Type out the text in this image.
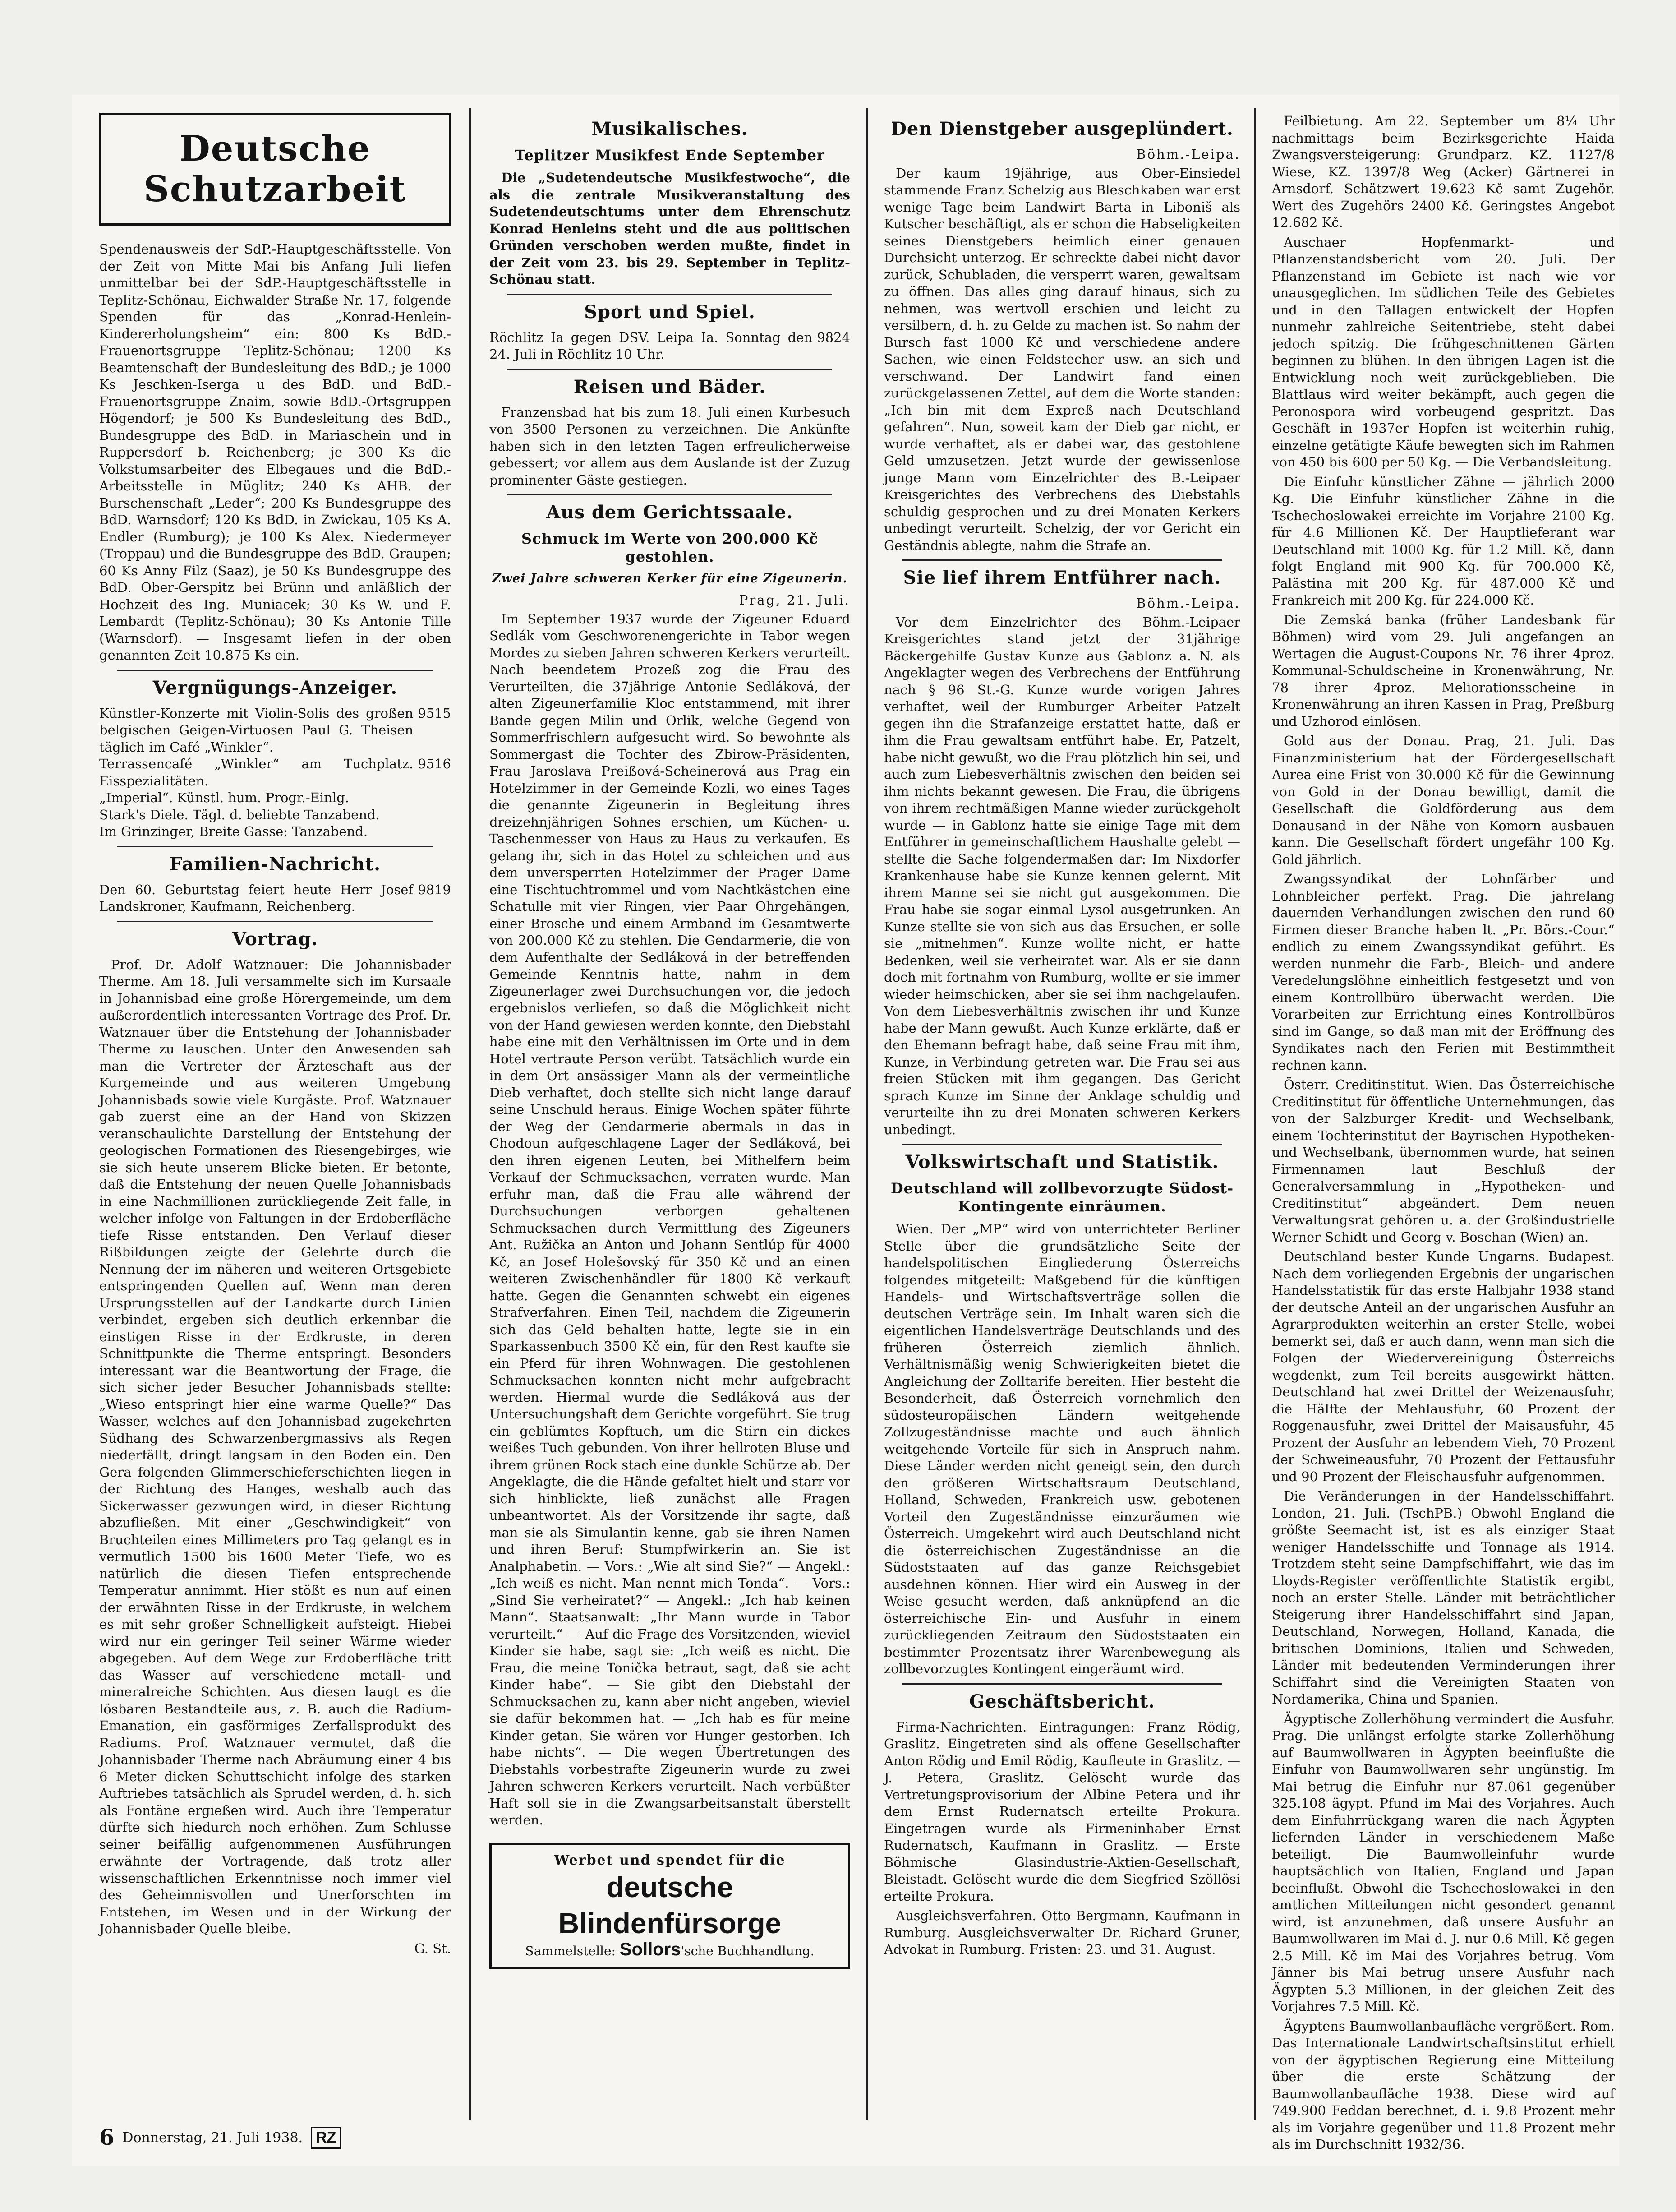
Deutsche Schutzarbeit

Spendenausweis der SdP.-Hauptgeschäftsstelle. Von der Zeit von Mitte Mai bis Anfang Juli liefen unmittelbar bei der SdP.-Hauptgeschäftsstelle in Teplitz-Schönau, Eichwalder Straße Nr. 17, folgende Spenden für das „Konrad-Henlein-Kindererholungsheim“ ein: 800 Ks BdD.-Frauenortsgruppe Teplitz-Schönau; 1200 Ks Beamtenschaft der Bundesleitung des BdD.; je 1000 Ks Jeschken-Iserga u des BdD. und BdD.-Frauenortsgruppe Znaim, sowie BdD.-Ortsgruppen Högendorf; je 500 Ks Bundesleitung des BdD., Bundesgruppe des BdD. in Mariaschein und in Ruppersdorf b. Reichenberg; je 300 Ks die Volkstumsarbeiter des Elbegaues und die BdD.-Arbeitsstelle in Müglitz; 240 Ks AHB. der Burschenschaft „Leder“; 200 Ks Bundesgruppe des BdD. Warnsdorf; 120 Ks BdD. in Zwickau, 105 Ks A. Endler (Rumburg); je 100 Ks Alex. Niedermeyer (Troppau) und die Bundesgruppe des BdD. Graupen; 60 Ks Anny Filz (Saaz), je 50 Ks Bundesgruppe des BdD. Ober-Gerspitz bei Brünn und anläßlich der Hochzeit des Ing. Muniacek; 30 Ks W. und F. Lembardt (Teplitz-Schönau); 30 Ks Antonie Tille (Warnsdorf). — Insgesamt liefen in der oben genannten Zeit 10.875 Ks ein.

Vergnügungs-Anzeiger.
Künstler-Konzerte mit Violin-Solis des großen belgischen Geigen-Virtuosen Paul G. Theisen täglich im Café „Winkler“.
9515
Terrassencafé „Winkler“ am Tuchplatz. Eisspezialitäten.
9516
„Imperial“. Künstl. hum. Progr.-Einlg.
Stark's Diele. Tägl. d. beliebte Tanzabend.
Im Grinzinger, Breite Gasse: Tanzabend.
Familien-Nachricht.
Den 60. Geburtstag feiert heute Herr Josef Landskroner, Kaufmann, Reichenberg.
9819
Vortrag.

Prof. Dr. Adolf Watznauer: Die Johannisbader Therme. Am 18. Juli versammelte sich im Kursaale in Johannisbad eine große Hörergemeinde, um dem außerordentlich interessanten Vortrage des Prof. Dr. Watznauer über die Entstehung der Johannisbader Therme zu lauschen. Unter den Anwesenden sah man die Vertreter der Ärzteschaft aus der Kurgemeinde und aus weiteren Umgebung Johannisbads sowie viele Kurgäste. Prof. Watznauer gab zuerst eine an der Hand von Skizzen veranschaulichte Darstellung der Entstehung der geologischen Formationen des Riesengebirges, wie sie sich heute unserem Blicke bieten. Er betonte, daß die Entstehung der neuen Quelle Johannisbads in eine Nachmillionen zurückliegende Zeit falle, in welcher infolge von Faltungen in der Erdoberfläche tiefe Risse entstanden. Den Verlauf dieser Rißbildungen zeigte der Gelehrte durch die Nennung der im näheren und weiteren Ortsgebiete entspringenden Quellen auf. Wenn man deren Ursprungsstellen auf der Landkarte durch Linien verbindet, ergeben sich deutlich erkennbar die einstigen Risse in der Erdkruste, in deren Schnittpunkte die Therme entspringt. Besonders interessant war die Beantwortung der Frage, die sich sicher jeder Besucher Johannisbads stellte: „Wieso entspringt hier eine warme Quelle?“ Das Wasser, welches auf den Johannisbad zugekehrten Südhang des Schwarzenbergmassivs als Regen niederfällt, dringt langsam in den Boden ein. Den Gera folgenden Glimmerschieferschichten liegen in der Richtung des Hanges, weshalb auch das Sickerwasser gezwungen wird, in dieser Richtung abzufließen. Mit einer „Geschwindigkeit“ von Bruchteilen eines Millimeters pro Tag gelangt es in vermutlich 1500 bis 1600 Meter Tiefe, wo es natürlich die diesen Tiefen entsprechende Temperatur annimmt. Hier stößt es nun auf einen der erwähnten Risse in der Erdkruste, in welchem es mit sehr großer Schnelligkeit aufsteigt. Hiebei wird nur ein geringer Teil seiner Wärme wieder abgegeben. Auf dem Wege zur Erdoberfläche tritt das Wasser auf verschiedene metall- und mineralreiche Schichten. Aus diesen laugt es die lösbaren Bestandteile aus, z. B. auch die Radium-Emanation, ein gasförmiges Zerfallsprodukt des Radiums. Prof. Watznauer vermutet, daß die Johannisbader Therme nach Abräumung einer 4 bis 6 Meter dicken Schuttschicht infolge des starken Auftriebes tatsächlich als Sprudel werden, d. h. sich als Fontäne ergießen wird. Auch ihre Temperatur dürfte sich hiedurch noch erhöhen. Zum Schlusse seiner beifällig aufgenommenen Ausführungen erwähnte der Vortragende, daß trotz aller wissenschaftlichen Erkenntnisse noch immer viel des Geheimnisvollen und Unerforschten im Entstehen, im Wesen und in der Wirkung der Johannisbader Quelle bleibe.

G. St.
Musikalisches.
Teplitzer Musikfest Ende September

Die „Sudetendeutsche Musikfestwoche“, die als die zentrale Musikveranstaltung des Sudetendeutschtums unter dem Ehrenschutz Konrad Henleins steht und die aus politischen Gründen verschoben werden mußte, findet in der Zeit vom 23. bis 29. September in Teplitz-Schönau statt.

Sport und Spiel.
Röchlitz Ia gegen DSV. Leipa Ia. Sonntag den 24. Juli in Röchlitz 10 Uhr.
9824
Reisen und Bäder.

Franzensbad hat bis zum 18. Juli einen Kurbesuch von 3500 Personen zu verzeichnen. Die Ankünfte haben sich in den letzten Tagen erfreulicherweise gebessert; vor allem aus dem Auslande ist der Zuzug prominenter Gäste gestiegen.

Aus dem Gerichtssaale.
Schmuck im Werte von 200.000 Kč gestohlen.
Zwei Jahre schweren Kerker für eine Zigeunerin.
Prag, 21. Juli.

Im September 1937 wurde der Zigeuner Eduard Sedlák vom Geschworenengerichte in Tabor wegen Mordes zu sieben Jahren schweren Kerkers verurteilt. Nach beendetem Prozeß zog die Frau des Verurteilten, die 37jährige Antonie Sedláková, der alten Zigeunerfamilie Kloc entstammend, mit ihrer Bande gegen Milin und Orlik, welche Gegend von Sommerfrischlern aufgesucht wird. So bewohnte als Sommergast die Tochter des Zbirow-Präsidenten, Frau Jaroslava Preißová-Scheinerová aus Prag ein Hotelzimmer in der Gemeinde Kozli, wo eines Tages die genannte Zigeunerin in Begleitung ihres dreizehnjährigen Sohnes erschien, um Küchen- u. Taschenmesser von Haus zu Haus zu verkaufen. Es gelang ihr, sich in das Hotel zu schleichen und aus dem unversperrten Hotelzimmer der Prager Dame eine Tischtuchtrommel und vom Nachtkästchen eine Schatulle mit vier Ringen, vier Paar Ohrgehängen, einer Brosche und einem Armband im Gesamtwerte von 200.000 Kč zu stehlen. Die Gendarmerie, die von dem Aufenthalte der Sedláková in der betreffenden Gemeinde Kenntnis hatte, nahm in dem Zigeunerlager zwei Durchsuchungen vor, die jedoch ergebnislos verliefen, so daß die Möglichkeit nicht von der Hand gewiesen werden konnte, den Diebstahl habe eine mit den Verhältnissen im Orte und in dem Hotel vertraute Person verübt. Tatsächlich wurde ein in dem Ort ansässiger Mann als der vermeintliche Dieb verhaftet, doch stellte sich nicht lange darauf seine Unschuld heraus. Einige Wochen später führte der Weg der Gendarmerie abermals in das in Chodoun aufgeschlagene Lager der Sedláková, bei den ihren eigenen Leuten, bei Mithelfern beim Verkauf der Schmucksachen, verraten wurde. Man erfuhr man, daß die Frau alle während der Durchsuchungen verborgen gehaltenen Schmucksachen durch Vermittlung des Zigeuners Ant. Ružička an Anton und Johann Sentlúp für 4000 Kč, an Josef Holešovský für 350 Kč und an einen weiteren Zwischenhändler für 1800 Kč verkauft hatte. Gegen die Genannten schwebt ein eigenes Strafverfahren. Einen Teil, nachdem die Zigeunerin sich das Geld behalten hatte, legte sie in ein Sparkassenbuch 3500 Kč ein, für den Rest kaufte sie ein Pferd für ihren Wohnwagen. Die gestohlenen Schmucksachen konnten nicht mehr aufgebracht werden. Hiermal wurde die Sedláková aus der Untersuchungshaft dem Gerichte vorgeführt. Sie trug ein geblümtes Kopftuch, um die Stirn ein dickes weißes Tuch gebunden. Von ihrer hellroten Bluse und ihrem grünen Rock stach eine dunkle Schürze ab. Der Angeklagte, die die Hände gefaltet hielt und starr vor sich hinblickte, ließ zunächst alle Fragen unbeantwortet. Als der Vorsitzende ihr sagte, daß man sie als Simulantin kenne, gab sie ihren Namen und ihren Beruf: Stumpfwirkerin an. Sie ist Analphabetin. — Vors.: „Wie alt sind Sie?“ — Angekl.: „Ich weiß es nicht. Man nennt mich Tonda“. — Vors.: „Sind Sie verheiratet?“ — Angekl.: „Ich hab keinen Mann“. Staatsanwalt: „Ihr Mann wurde in Tabor verurteilt.“ — Auf die Frage des Vorsitzenden, wieviel Kinder sie habe, sagt sie: „Ich weiß es nicht. Die Frau, die meine Tonička betraut, sagt, daß sie acht Kinder habe“. — Sie gibt den Diebstahl der Schmucksachen zu, kann aber nicht angeben, wieviel sie dafür bekommen hat. — „Ich hab es für meine Kinder getan. Sie wären vor Hunger gestorben. Ich habe nichts“. — Die wegen Übertretungen des Diebstahls vorbestrafte Zigeunerin wurde zu zwei Jahren schweren Kerkers verurteilt. Nach verbüßter Haft soll sie in die Zwangsarbeitsanstalt überstellt werden.

Werbet und spendet für die
deutsche Blindenfürsorge
Sammelstelle: Sollors'sche Buchhandlung.
Den Dienstgeber ausgeplündert.
Böhm.-Leipa.

Der kaum 19jährige, aus Ober-Einsiedel stammende Franz Schelzig aus Bleschkaben war erst wenige Tage beim Landwirt Barta in Liboniš als Kutscher beschäftigt, als er schon die Habseligkeiten seines Dienstgebers heimlich einer genauen Durchsicht unterzog. Er schreckte dabei nicht davor zurück, Schubladen, die versperrt waren, gewaltsam zu öffnen. Das alles ging darauf hinaus, sich zu nehmen, was wertvoll erschien und leicht zu versilbern, d. h. zu Gelde zu machen ist. So nahm der Bursch fast 1000 Kč und verschiedene andere Sachen, wie einen Feldstecher usw. an sich und verschwand. Der Landwirt fand einen zurückgelassenen Zettel, auf dem die Worte standen: „Ich bin mit dem Expreß nach Deutschland gefahren“. Nun, soweit kam der Dieb gar nicht, er wurde verhaftet, als er dabei war, das gestohlene Geld umzusetzen. Jetzt wurde der gewissenlose junge Mann vom Einzelrichter des B.-Leipaer Kreisgerichtes des Verbrechens des Diebstahls schuldig gesprochen und zu drei Monaten Kerkers unbedingt verurteilt. Schelzig, der vor Gericht ein Geständnis ablegte, nahm die Strafe an.

Sie lief ihrem Entführer nach.
Böhm.-Leipa.

Vor dem Einzelrichter des Böhm.-Leipaer Kreisgerichtes stand jetzt der 31jährige Bäckergehilfe Gustav Kunze aus Gablonz a. N. als Angeklagter wegen des Verbrechens der Entführung nach § 96 St.-G. Kunze wurde vorigen Jahres verhaftet, weil der Rumburger Arbeiter Patzelt gegen ihn die Strafanzeige erstattet hatte, daß er ihm die Frau gewaltsam entführt habe. Er, Patzelt, habe nicht gewußt, wo die Frau plötzlich hin sei, und auch zum Liebesverhältnis zwischen den beiden sei ihm nichts bekannt gewesen. Die Frau, die übrigens von ihrem rechtmäßigen Manne wieder zurückgeholt wurde — in Gablonz hatte sie einige Tage mit dem Entführer in gemeinschaftlichem Haushalte gelebt — stellte die Sache folgendermaßen dar: Im Nixdorfer Krankenhause habe sie Kunze kennen gelernt. Mit ihrem Manne sei sie nicht gut ausgekommen. Die Frau habe sie sogar einmal Lysol ausgetrunken. An Kunze stellte sie von sich aus das Ersuchen, er solle sie „mitnehmen“. Kunze wollte nicht, er hatte Bedenken, weil sie verheiratet war. Als er sie dann doch mit fortnahm von Rumburg, wollte er sie immer wieder heimschicken, aber sie sei ihm nachgelaufen. Von dem Liebesverhältnis zwischen ihr und Kunze habe der Mann gewußt. Auch Kunze erklärte, daß er den Ehemann befragt habe, daß seine Frau mit ihm, Kunze, in Verbindung getreten war. Die Frau sei aus freien Stücken mit ihm gegangen. Das Gericht sprach Kunze im Sinne der Anklage schuldig und verurteilte ihn zu drei Monaten schweren Kerkers unbedingt.

Volkswirtschaft und Statistik.
Deutschland will zollbevorzugte Südost-Kontingente einräumen.

Wien. Der „MP“ wird von unterrichteter Berliner Stelle über die grundsätzliche Seite der handelspolitischen Eingliederung Österreichs folgendes mitgeteilt: Maßgebend für die künftigen Handels- und Wirtschaftsverträge sollen die deutschen Verträge sein. Im Inhalt waren sich die eigentlichen Handelsverträge Deutschlands und des früheren Österreich ziemlich ähnlich. Verhältnismäßig wenig Schwierigkeiten bietet die Angleichung der Zolltarife bereiten. Hier besteht die Besonderheit, daß Österreich vornehmlich den südosteuropäischen Ländern weitgehende Zollzugeständnisse machte und auch ähnlich weitgehende Vorteile für sich in Anspruch nahm. Diese Länder werden nicht geneigt sein, den durch den größeren Wirtschaftsraum Deutschland, Holland, Schweden, Frankreich usw. gebotenen Vorteil den Zugeständnisse einzuräumen wie Österreich. Umgekehrt wird auch Deutschland nicht die österreichischen Zugeständnisse an die Südoststaaten auf das ganze Reichsgebiet ausdehnen können. Hier wird ein Ausweg in der Weise gesucht werden, daß anknüpfend an die österreichische Ein- und Ausfuhr in einem zurückliegenden Zeitraum den Südoststaaten ein bestimmter Prozentsatz ihrer Warenbewegung als zollbevorzugtes Kontingent eingeräumt wird.

Geschäftsbericht.

Firma-Nachrichten. Eintragungen: Franz Rödig, Graslitz. Eingetreten sind als offene Gesellschafter Anton Rödig und Emil Rödig, Kaufleute in Graslitz. — J. Petera, Graslitz. Gelöscht wurde das Vertretungsprovisorium der Albine Petera und ihr dem Ernst Rudernatsch erteilte Prokura. Eingetragen wurde als Firmeninhaber Ernst Rudernatsch, Kaufmann in Graslitz. — Erste Böhmische Glasindustrie-Aktien-Gesellschaft, Bleistadt. Gelöscht wurde die dem Siegfried Szöllösi erteilte Prokura.

Ausgleichsverfahren. Otto Bergmann, Kaufmann in Rumburg. Ausgleichsverwalter Dr. Richard Gruner, Advokat in Rumburg. Fristen: 23. und 31. August.

Feilbietung. Am 22. September um 8¼ Uhr nachmittags beim Bezirksgerichte Haida Zwangsversteigerung: Grundparz. KZ. 1127/8 Wiese, KZ. 1397/8 Weg (Acker) Gärtnerei in Arnsdorf. Schätzwert 19.623 Kč samt Zugehör. Wert des Zugehörs 2400 Kč. Geringstes Angebot 12.682 Kč.

Auschaer Hopfenmarkt- und Pflanzenstandsbericht vom 20. Juli. Der Pflanzenstand im Gebiete ist nach wie vor unausgeglichen. Im südlichen Teile des Gebietes und in den Tallagen entwickelt der Hopfen nunmehr zahlreiche Seitentriebe, steht dabei jedoch spitzig. Die frühgeschnittenen Gärten beginnen zu blühen. In den übrigen Lagen ist die Entwicklung noch weit zurückgeblieben. Die Blattlaus wird weiter bekämpft, auch gegen die Peronospora wird vorbeugend gespritzt. Das Geschäft in 1937er Hopfen ist weiterhin ruhig, einzelne getätigte Käufe bewegten sich im Rahmen von 450 bis 600 per 50 Kg. — Die Verbandsleitung.

Die Einfuhr künstlicher Zähne — jährlich 2000 Kg. Die Einfuhr künstlicher Zähne in die Tschechoslowakei erreichte im Vorjahre 2100 Kg. für 4.6 Millionen Kč. Der Hauptlieferant war Deutschland mit 1000 Kg. für 1.2 Mill. Kč, dann folgt England mit 900 Kg. für 700.000 Kč, Palästina mit 200 Kg. für 487.000 Kč und Frankreich mit 200 Kg. für 224.000 Kč.

Die Zemská banka (früher Landesbank für Böhmen) wird vom 29. Juli angefangen an Wertagen die August-Coupons Nr. 76 ihrer 4proz. Kommunal-Schuldscheine in Kronenwährung, Nr. 78 ihrer 4proz. Meliorationsscheine in Kronenwährung an ihren Kassen in Prag, Preßburg und Uzhorod einlösen.

Gold aus der Donau. Prag, 21. Juli. Das Finanzministerium hat der Fördergesellschaft Aurea eine Frist von 30.000 Kč für die Gewinnung von Gold in der Donau bewilligt, damit die Gesellschaft die Goldförderung aus dem Donausand in der Nähe von Komorn ausbauen kann. Die Gesellschaft fördert ungefähr 100 Kg. Gold jährlich.

Zwangssyndikat der Lohnfärber und Lohnbleicher perfekt. Prag. Die jahrelang dauernden Verhandlungen zwischen den rund 60 Firmen dieser Branche haben lt. „Pr. Börs.-Cour.“ endlich zu einem Zwangssyndikat geführt. Es werden nunmehr die Farb-, Bleich- und andere Veredelungslöhne einheitlich festgesetzt und von einem Kontrollbüro überwacht werden. Die Vorarbeiten zur Errichtung eines Kontrollbüros sind im Gange, so daß man mit der Eröffnung des Syndikates nach den Ferien mit Bestimmtheit rechnen kann.

Österr. Creditinstitut. Wien. Das Österreichische Creditinstitut für öffentliche Unternehmungen, das von der Salzburger Kredit- und Wechselbank, einem Tochterinstitut der Bayrischen Hypotheken- und Wechselbank, übernommen wurde, hat seinen Firmennamen laut Beschluß der Generalversammlung in „Hypotheken- und Creditinstitut“ abgeändert. Dem neuen Verwaltungsrat gehören u. a. der Großindustrielle Werner Schidt und Georg v. Boschan (Wien) an.

Deutschland bester Kunde Ungarns. Budapest. Nach dem vorliegenden Ergebnis der ungarischen Handelsstatistik für das erste Halbjahr 1938 stand der deutsche Anteil an der ungarischen Ausfuhr an Agrarprodukten weiterhin an erster Stelle, wobei bemerkt sei, daß er auch dann, wenn man sich die Folgen der Wiedervereinigung Österreichs wegdenkt, zum Teil bereits ausgewirkt hätten. Deutschland hat zwei Drittel der Weizenausfuhr, die Hälfte der Mehlausfuhr, 60 Prozent der Roggenausfuhr, zwei Drittel der Maisausfuhr, 45 Prozent der Ausfuhr an lebendem Vieh, 70 Prozent der Schweineausfuhr, 70 Prozent der Fettausfuhr und 90 Prozent der Fleischausfuhr aufgenommen.

Die Veränderungen in der Handelsschiffahrt. London, 21. Juli. (TschPB.) Obwohl England die größte Seemacht ist, ist es als einziger Staat weniger Handelsschiffe und Tonnage als 1914. Trotzdem steht seine Dampfschiffahrt, wie das im Lloyds-Register veröffentlichte Statistik ergibt, noch an erster Stelle. Länder mit beträchtlicher Steigerung ihrer Handelsschiffahrt sind Japan, Deutschland, Norwegen, Holland, Kanada, die britischen Dominions, Italien und Schweden, Länder mit bedeutenden Verminderungen ihrer Schiffahrt sind die Vereinigten Staaten von Nordamerika, China und Spanien.

Ägyptische Zollerhöhung vermindert die Ausfuhr. Prag. Die unlängst erfolgte starke Zollerhöhung auf Baumwollwaren in Ägypten beeinflußte die Einfuhr von Baumwollwaren sehr ungünstig. Im Mai betrug die Einfuhr nur 87.061 gegenüber 325.108 ägypt. Pfund im Mai des Vorjahres. Auch dem Einfuhrrückgang waren die nach Ägypten liefernden Länder in verschiedenem Maße beteiligt. Die Baumwolleinfuhr wurde hauptsächlich von Italien, England und Japan beeinflußt. Obwohl die Tschechoslowakei in den amtlichen Mitteilungen nicht gesondert genannt wird, ist anzunehmen, daß unsere Ausfuhr an Baumwollwaren im Mai d. J. nur 0.6 Mill. Kč gegen 2.5 Mill. Kč im Mai des Vorjahres betrug. Vom Jänner bis Mai betrug unsere Ausfuhr nach Ägypten 5.3 Millionen, in der gleichen Zeit des Vorjahres 7.5 Mill. Kč.

Ägyptens Baumwollanbaufläche vergrößert. Rom. Das Internationale Landwirtschaftsinstitut erhielt von der ägyptischen Regierung eine Mitteilung über die erste Schätzung der Baumwollanbaufläche 1938. Diese wird auf 749.900 Feddan berechnet, d. i. 9.8 Prozent mehr als im Vorjahre gegenüber und 11.8 Prozent mehr als im Durchschnitt 1932/36.

6 Donnerstag, 21. Juli 1938. RZ
